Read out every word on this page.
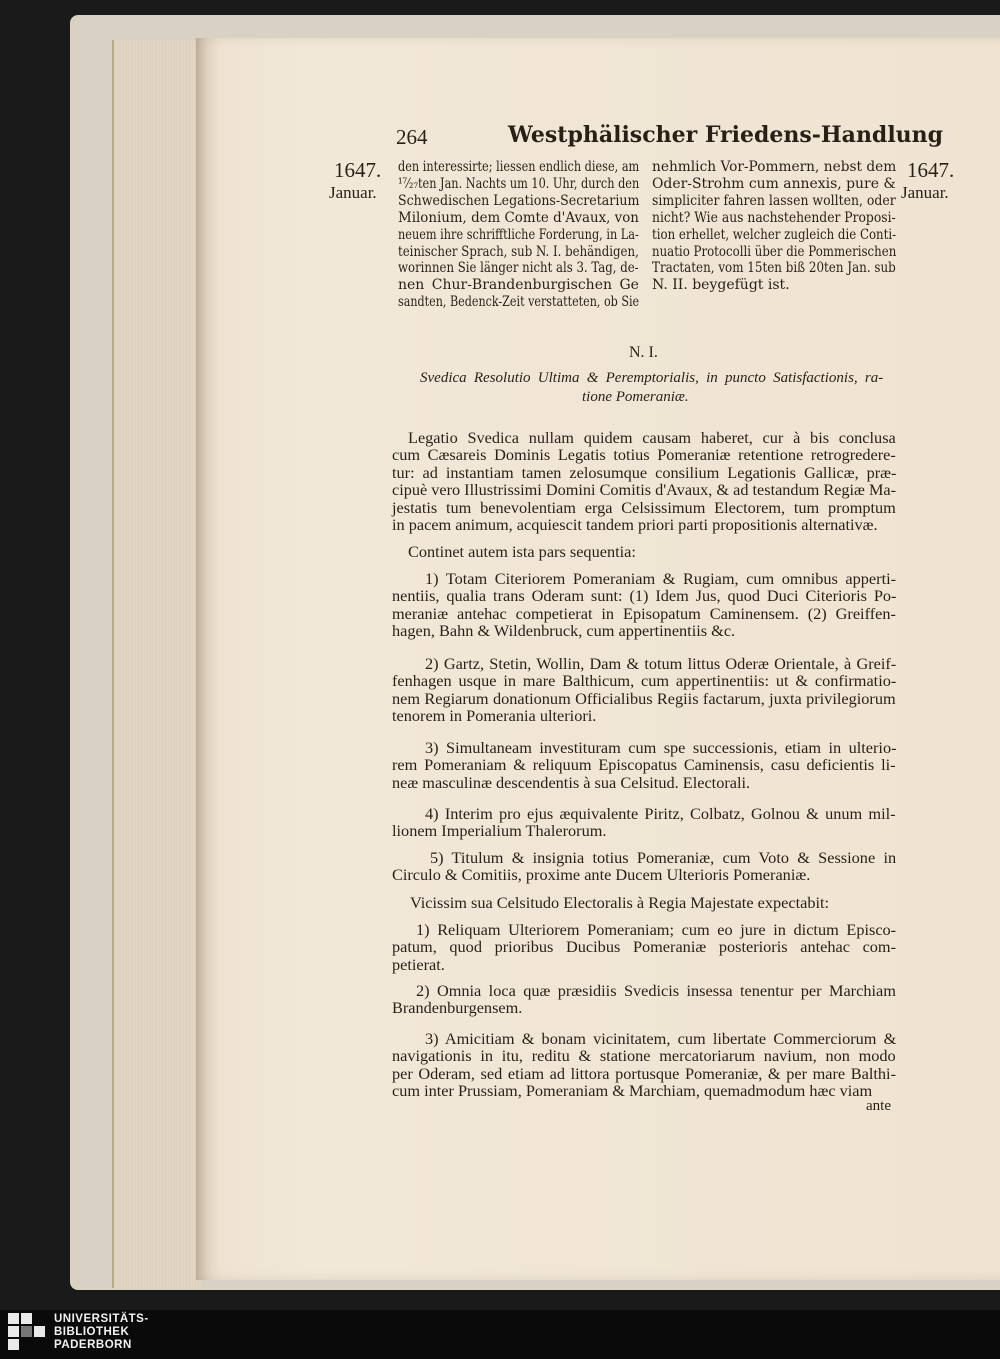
264	Westphälischer Friedens-Handlung
1647.
Januar.
1647.
Januar.
den interessirte; liessen endlich diese, am
¹⁷⁄₂₇ten Jan. Nachts um 10. Uhr, durch den
Schwedischen Legations-Secretarium
Milonium, dem Comte d'Avaux, von
neuem ihre schrifftliche Forderung, in La-
teinischer Sprach, sub N. I. behändigen,
worinnen Sie länger nicht als 3. Tag, de-
nen Chur-Brandenburgischen Ge
sandten, Bedenck-Zeit verstatteten, ob Sie
nehmlich Vor-Pommern, nebst dem
Oder-Strohm cum annexis, pure &
simpliciter fahren lassen wollten, oder
nicht? Wie aus nachstehender Proposi-
tion erhellet, welcher zugleich die Conti-
nuatio Protocolli über die Pommerischen
Tractaten, vom 15ten biß 20ten Jan. sub
N. II. beygefügt ist.
N. I.
Svedica Resolutio Ultima & Peremptorialis, in puncto Satisfactionis, ra-
tione Pomeraniæ.
Legatio Svedica nullam quidem causam haberet, cur à bis conclusa
cum Cæsareis Dominis Legatis totius Pomeraniæ retentione retrogredere-
tur: ad instantiam tamen zelosumque consilium Legationis Gallicæ, præ-
cipuè vero Illustrissimi Domini Comitis d'Avaux, & ad testandum Regiæ Ma-
jestatis tum benevolentiam erga Celsissimum Electorem, tum promptum
in pacem animum, acquiescit tandem priori parti propositionis alternativæ.
Continet autem ista pars sequentia:
1) Totam Citeriorem Pomeraniam & Rugiam, cum omnibus apperti-
nentiis, qualia trans Oderam sunt: (1) Idem Jus, quod Duci Citerioris Po-
meraniæ antehac competierat in Episopatum Caminensem. (2) Greiffen-
hagen, Bahn & Wildenbruck, cum appertinentiis &c.
2) Gartz, Stetin, Wollin, Dam & totum littus Oderæ Orientale, à Greif-
fenhagen usque in mare Balthicum, cum appertinentiis: ut & confirmatio-
nem Regiarum donationum Officialibus Regiis factarum, juxta privilegiorum
tenorem in Pomerania ulteriori.
3) Simultaneam investituram cum spe successionis, etiam in ulterio-
rem Pomeraniam & reliquum Episcopatus Caminensis, casu deficientis li-
neæ masculinæ descendentis à sua Celsitud. Electorali.
4) Interim pro ejus æquivalente Piritz, Colbatz, Golnou & unum mil-
lionem Imperialium Thalerorum.
5) Titulum & insignia totius Pomeraniæ, cum Voto & Sessione in
Circulo & Comitiis, proxime ante Ducem Ulterioris Pomeraniæ.
Vicissim sua Celsitudo Electoralis à Regia Majestate expectabit:
1) Reliquam Ulteriorem Pomeraniam; cum eo jure in dictum Episco-
patum, quod prioribus Ducibus Pomeraniæ posterioris antehac com-
petierat.
2) Omnia loca quæ præsidiis Svedicis insessa tenentur per Marchiam
Brandenburgensem.
3) Amicitiam & bonam vicinitatem, cum libertate Commerciorum &
navigationis in itu, reditu & statione mercatoriarum navium, non modo
per Oderam, sed etiam ad littora portusque Pomeraniæ, & per mare Balthi-
cum inter Prussiam, Pomeraniam & Marchiam, quemadmodum hæc viam
ante
UNIVERSITÄTS-
BIBLIOTHEK
PADERBORN
